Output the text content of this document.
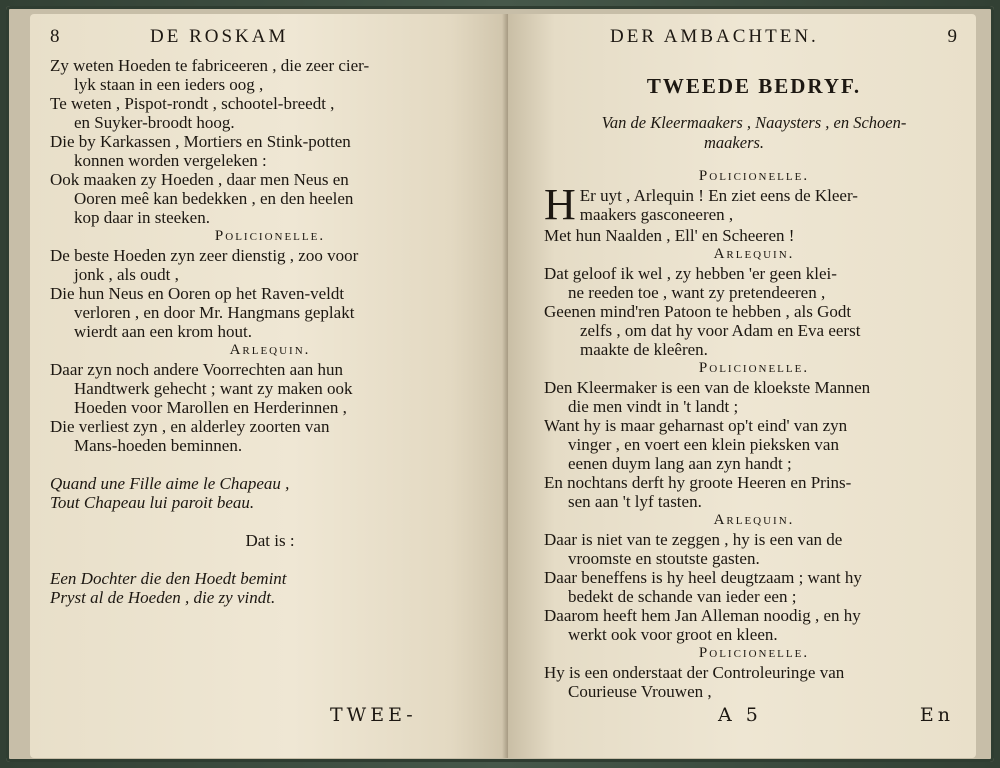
8	DE ROSKAM
Zy weten Hoeden te fabriceeren , die zeer cier-
lyk staan in een ieders oog ,
Te weten , Pispot-rondt , schootel-breedt ,
en Suyker-broodt hoog.
Die by Karkassen , Mortiers en Stink-potten
konnen worden vergeleken :
Ook maaken zy Hoeden , daar men Neus en
Ooren meê kan bedekken , en den heelen
kop daar in steeken.
Policionelle.
De beste Hoeden zyn zeer dienstig , zoo voor
jonk , als oudt ,
Die hun Neus en Ooren op het Raven-veldt
verloren , en door Mr. Hangmans geplakt
wierdt aan een krom hout.
Arlequin.
Daar zyn noch andere Voorrechten aan hun
Handtwerk gehecht ; want zy maken ook
Hoeden voor Marollen en Herderinnen ,
Die verliest zyn , en alderley zoorten van
Mans-hoeden beminnen.
Quand une Fille aime le Chapeau ,
Tout Chapeau lui paroit beau.
Dat is :
Een Dochter die den Hoedt bemint
Pryst al de Hoeden , die zy vindt.
TWEE-
DER AMBACHTEN.	9
TWEEDE BEDRYF.
Van de Kleermaakers , Naaysters , en Schoen-
maakers.
Policionelle.
H Er uyt , Arlequin ! En ziet eens de Kleer-
maakers gasconeeren ,
Met hun Naalden , Ell' en Scheeren !
Arlequin.
Dat geloof ik wel , zy hebben 'er geen klei-
ne reeden toe , want zy pretendeeren ,
Geenen mind'ren Patoon te hebben , als Godt
zelfs , om dat hy voor Adam en Eva eerst
maakte de kleêren.
Policionelle.
Den Kleermaker is een van de kloekste Mannen
die men vindt in 't landt ;
Want hy is maar geharnast op't eind' van zyn
vinger , en voert een klein pieksken van
eenen duym lang aan zyn handt ;
En nochtans derft hy groote Heeren en Prins-
sen aan 't lyf tasten.
Arlequin.
Daar is niet van te zeggen , hy is een van de
vroomste en stoutste gasten.
Daar beneffens is hy heel deugtzaam ; want hy
bedekt de schande van ieder een ;
Daarom heeft hem Jan Alleman noodig , en hy
werkt ook voor groot en kleen.
Policionelle.
Hy is een onderstaat der Controleuringe van
Courieuse Vrouwen ,
A 5	En
